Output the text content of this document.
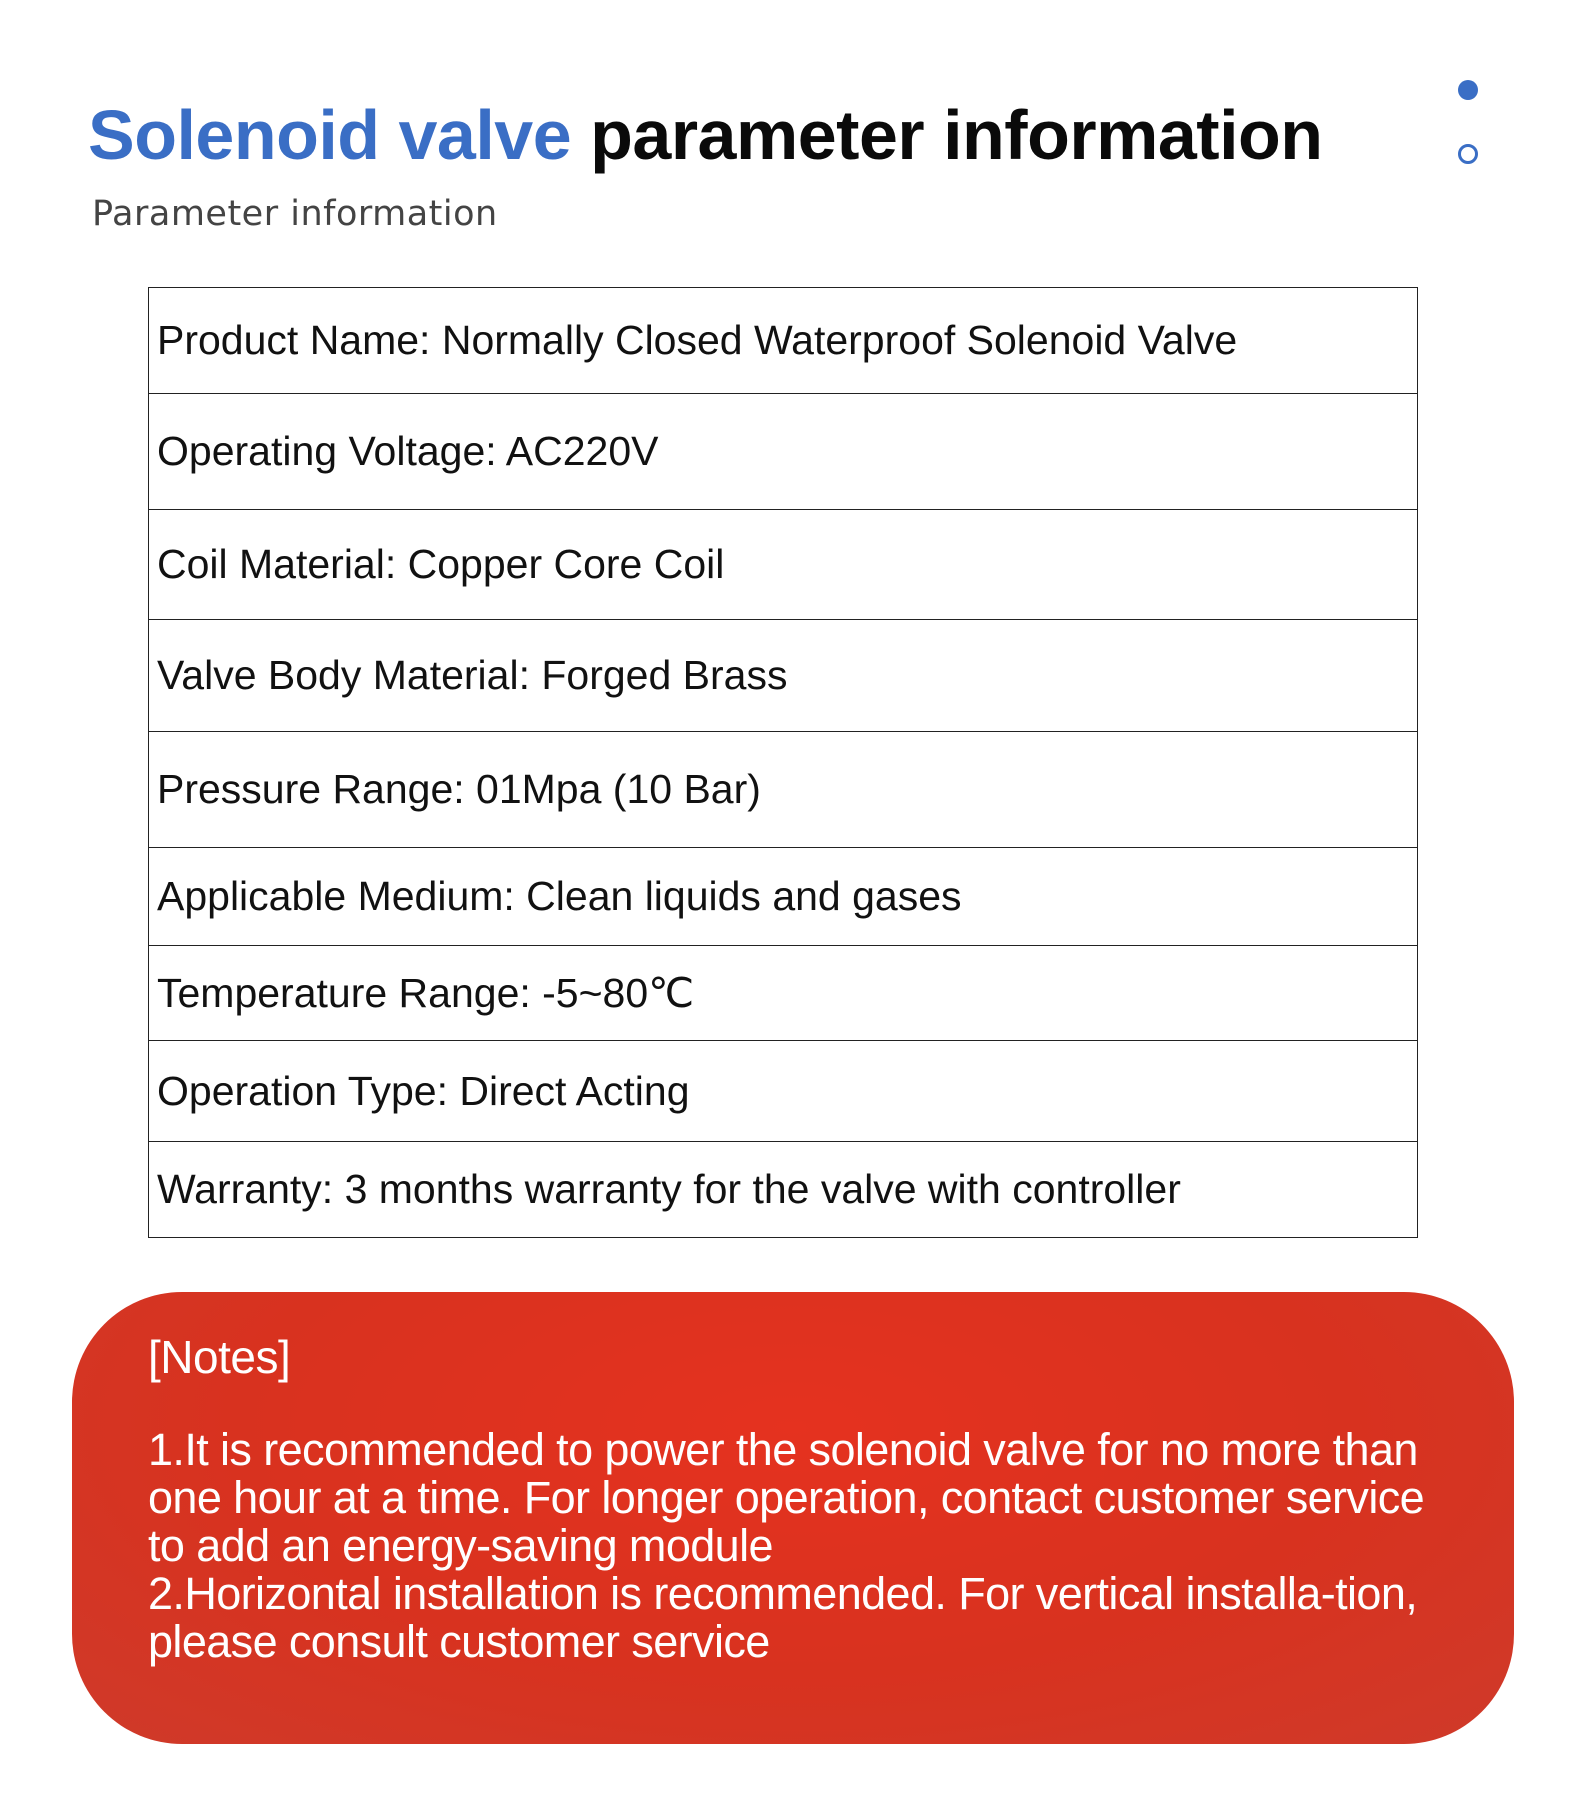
Solenoid valve parameter information
Parameter information
Product Name: Normally Closed Waterproof Solenoid Valve
Operating Voltage: AC220V
Coil Material: Copper Core Coil
Valve Body Material: Forged Brass
Pressure Range: 01Mpa (10 Bar)
Applicable Medium: Clean liquids and gases
Temperature Range: -5~80℃
Operation Type: Direct Acting
Warranty: 3 months warranty for the valve with controller
[Notes]

1.It is recommended to power the solenoid valve for no more than one hour at a time. For longer operation, contact customer service to add an energy-saving module

2.Horizontal installation is recommended. For vertical installa-tion, please consult customer service
